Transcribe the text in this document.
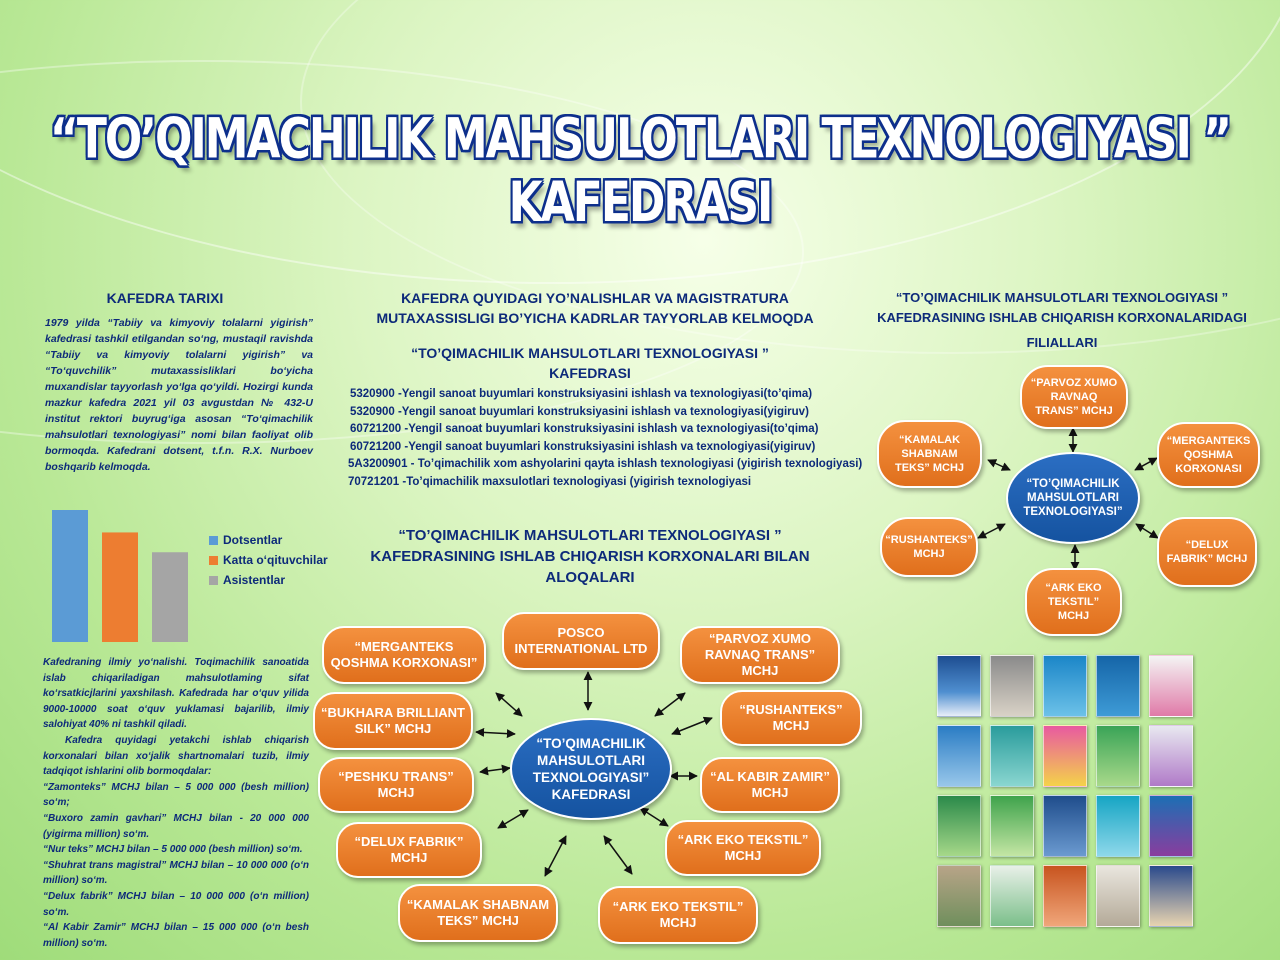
“TO’QIMACHILIK MAHSULOTLARI TEXNOLOGIYASI ” KAFEDRASI
KAFEDRA TARIXI
1979 yilda “Tabiiy va kimyoviy tolalarni yigirish” kafedrasi tashkil etilgandan so‘ng, mustaqil ravishda “Tabiiy va kimyoviy tolalarni yigirish” va “To‘quvchilik” mutaxassisliklari bo‘yicha muxandislar tayyorlash yo‘lga qo‘yildi. Hozirgi kunda mazkur kafedra 2021 yil 03 avgustdan № 432-U institut rektori buyrug‘iga asosan “To‘qimachilik mahsulotlari texnologiyasi” nomi bilan faoliyat olib bormoqda. Kafedrani dotsent, t.f.n. R.X. Nurboev boshqarib kelmoqda.
Dotsentlar
Katta o‘qituvchilar
Asistentlar

Kafedraning ilmiy yo‘nalishi. Toqimachilik sanoatida islab chiqariladigan mahsulotlaming sifat ko‘rsatkicjlarini yaxshilash. Kafedrada har o‘quv yilida 9000-10000 soat o‘quv yuklamasi bajarilib, ilmiy salohiyat 40% ni tashkil qiladi.

Kafedra quyidagi yetakchi ishlab chiqarish korxonalari bilan xo‘jalik shartnomalari tuzib, ilmiy tadqiqot ishlarini olib bormoqdalar:

“Zamonteks” MCHJ bilan – 5 000 000 (besh million) so‘m;

“Buxoro zamin gavhari” MCHJ bilan - 20 000 000 (yigirma million) so‘m.

“Nur teks” MCHJ bilan – 5 000 000 (besh million) so‘m.

“Shuhrat trans magistral” MCHJ bilan – 10 000 000 (o‘n million) so‘m.

“Delux fabrik” MCHJ bilan – 10 000 000 (o‘n million) so‘m.

“Al Kabir Zamir” MCHJ bilan – 15 000 000 (o‘n besh million) so‘m.

KAFEDRA QUYIDAGI YO’NALISHLAR VA MAGISTRATURA MUTAXASSISLIGI BO’YICHA KADRLAR TAYYORLAB KELMOQDA
“TO’QIMACHILIK MAHSULOTLARI TEXNOLOGIYASI ” KAFEDRASI
5320900 -Yengil sanoat buyumlari konstruksiyasini ishlash va texnologiyasi(to’qima)
5320900 -Yengil sanoat buyumlari konstruksiyasini ishlash va texnologiyasi(yigiruv)
60721200 -Yengil sanoat buyumlari konstruksiyasini ishlash va texnologiyasi(to’qima)
60721200 -Yengil sanoat buyumlari konstruksiyasini ishlash va texnologiyasi(yigiruv)
5A3200901 - To’qimachilik xom ashyolarini qayta ishlash texnologiyasi (yigirish texnologiyasi)
70721201 -To’qimachilik maxsulotlari texnologiyasi (yigirish texnologiyasi
“TO’QIMACHILIK MAHSULOTLARI TEXNOLOGIYASI ” KAFEDRASINING ISHLAB CHIQARISH KORXONALARI BILAN ALOQALARI
“MERGANTEKS QOSHMA KORXONASI”
POSCO INTERNATIONAL LTD
“PARVOZ XUMO RAVNAQ TRANS” MCHJ
“BUKHARA BRILLIANT SILK” MCHJ
“RUSHANTEKS” MCHJ
“PESHKU TRANS” MCHJ
“AL KABIR ZAMIR” MCHJ
“DELUX FABRIK” MCHJ
“ARK EKO TEKSTIL” MCHJ
“KAMALAK SHABNAM TEKS” MCHJ
“ARK EKO TEKSTIL” MCHJ
“TO’QIMACHILIK MAHSULOTLARI TEXNOLOGIYASI” KAFEDRASI
“TO’QIMACHILIK MAHSULOTLARI TEXNOLOGIYASI ” KAFEDRASINING ISHLAB CHIQARISH KORXONALARIDAGI
FILIALLARI
“PARVOZ XUMO RAVNAQ TRANS” MCHJ
“KAMALAK SHABNAM TEKS” MCHJ
“MERGANTEKS QOSHMA KORXONASI
“RUSHANTEKS” MCHJ
“DELUX FABRIK” MCHJ
“ARK EKO TEKSTIL” MCHJ
“TO’QIMACHILIK MAHSULOTLARI TEXNOLOGIYASI”
